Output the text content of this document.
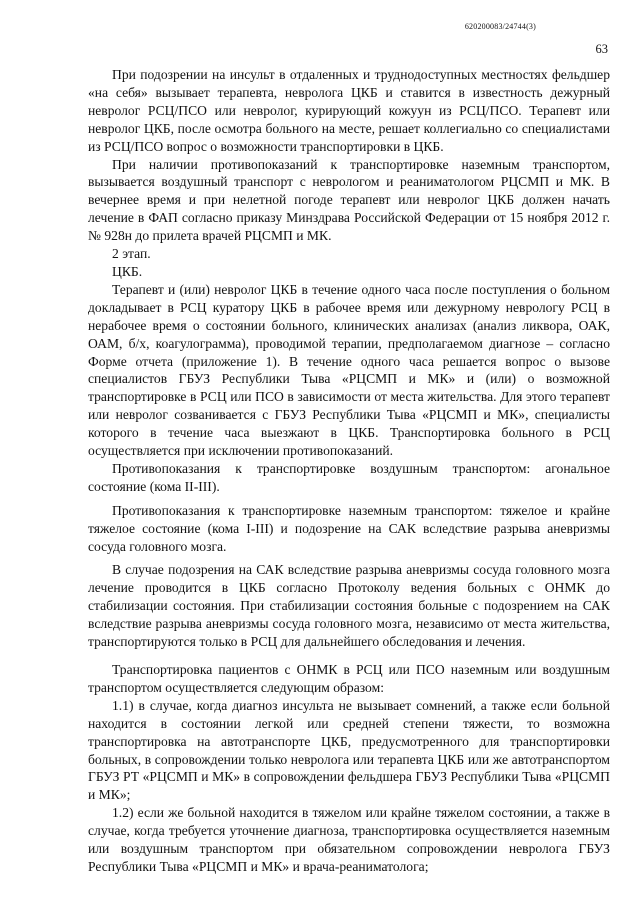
620200083/24744(3)
63

При подозрении на инсульт в отдаленных и труднодоступных местностях фельдшер «на себя» вызывает терапевта, невролога ЦКБ и ставится в известность дежурный невролог РСЦ/ПСО или невролог, курирующий кожуун из РСЦ/ПСО. Терапевт или невролог ЦКБ, после осмотра больного на месте, решает коллегиально со специалистами из РСЦ/ПСО вопрос о возможности транспортировки в ЦКБ.

При наличии противопоказаний к транспортировке наземным транспортом, вызывается воздушный транспорт с неврологом и реаниматологом РЦСМП и МК. В вечернее время и при нелетной погоде терапевт или невролог ЦКБ должен начать лечение в ФАП согласно приказу Минздрава Российской Федерации от 15 ноября 2012 г. № 928н до прилета врачей РЦСМП и МК.

2 этап.

ЦКБ.

Терапевт и (или) невролог ЦКБ в течение одного часа после поступления о больном докладывает в РСЦ куратору ЦКБ в рабочее время или дежурному неврологу РСЦ в нерабочее время о состоянии больного, клинических анализах (анализ ликвора, ОАК, ОАМ, б/х, коагулограмма), проводимой терапии, предполагаемом диагнозе – согласно Форме отчета (приложение 1). В течение одного часа решается вопрос о вызове специалистов ГБУЗ Республики Тыва «РЦСМП и МК» и (или) о возможной транспортировке в РСЦ или ПСО в зависимости от места жительства. Для этого терапевт или невролог созванивается с ГБУЗ Республики Тыва «РЦСМП и МК», специалисты которого в течение часа выезжают в ЦКБ. Транспортировка больного в РСЦ осуществляется при исключении противопоказаний.

Противопоказания к транспортировке воздушным транспортом: агональное состояние (кома II-III).

Противопоказания к транспортировке наземным транспортом: тяжелое и крайне тяжелое состояние (кома I-III) и подозрение на САК вследствие разрыва аневризмы сосуда головного мозга.

В случае подозрения на САК вследствие разрыва аневризмы сосуда головного мозга лечение проводится в ЦКБ согласно Протоколу ведения больных с ОНМК до стабилизации состояния. При стабилизации состояния больные с подозрением на САК вследствие разрыва аневризмы сосуда головного мозга, независимо от места жительства, транспортируются только в РСЦ для дальнейшего обследования и лечения.

Транспортировка пациентов с ОНМК в РСЦ или ПСО наземным или воздушным транспортом осуществляется следующим образом:

1.1) в случае, когда диагноз инсульта не вызывает сомнений, а также если больной находится в состоянии легкой или средней степени тяжести, то возможна транспортировка на автотранспорте ЦКБ, предусмотренного для транспортировки больных, в сопровождении только невролога или терапевта ЦКБ или же автотранспортом ГБУЗ РТ «РЦСМП и МК» в сопровождении фельдшера ГБУЗ Республики Тыва «РЦСМП и МК»;

1.2) если же больной находится в тяжелом или крайне тяжелом состоянии, а также в случае, когда требуется уточнение диагноза, транспортировка осуществляется наземным или воздушным транспортом при обязательном сопровождении невролога ГБУЗ Республики Тыва «РЦСМП и МК» и врача-реаниматолога;
